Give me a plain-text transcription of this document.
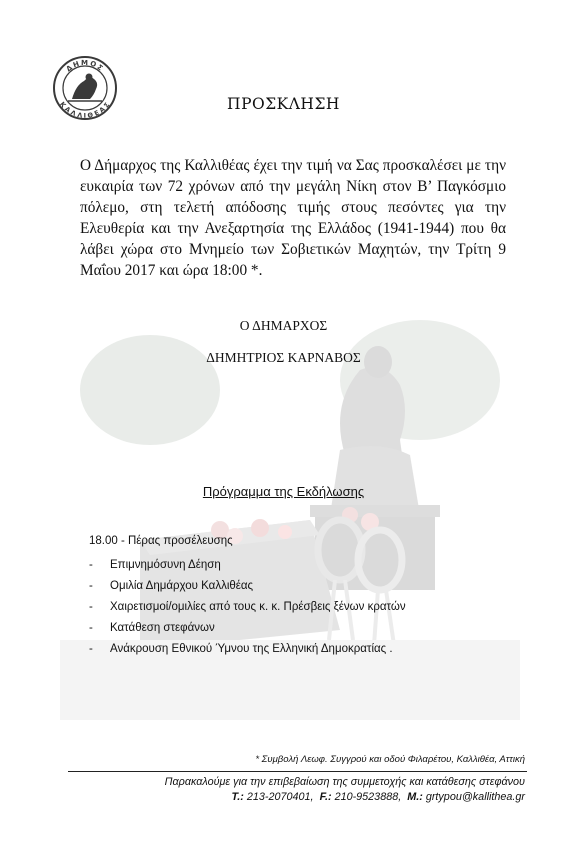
ΔΗΜΟΣ
ΚΑΛΛΙΘΕΑΣ	ΠΡΟΣΚΛΗΣΗ
Ο Δήμαρχος της Καλλιθέας έχει την τιμή να Σας προσκαλέσει με την ευκαιρία των 72 χρόνων από την μεγάλη Νίκη στον Β’ Παγκόσμιο πόλεμο, στη τελετή απόδοσης τιμής στους πεσόντες για την Ελευθερία και την Ανεξαρτησία της Ελλάδος (1941-1944) που θα λάβει χώρα στο Μνημείο των Σοβιετικών Μαχητών, την Τρίτη 9 Μαΐου 2017 και ώρα 18:00 *.
Ο ΔΗΜΑΡΧΟΣ
ΔΗΜΗΤΡΙΟΣ ΚΑΡΝΑΒΟΣ
Πρόγραμμα της Εκδήλωσης
18.00 - Πέρας προσέλευσης
- Επιμνημόσυνη Δέηση
- Ομιλία Δημάρχου Καλλιθέας
- Χαιρετισμοί/ομιλίες από τους κ. κ. Πρέσβεις ξένων κρατών
- Κατάθεση στεφάνων
- Ανάκρουση Εθνικού Ύμνου της Ελληνική Δημοκρατίας .
* Συμβολή Λεωφ. Συγγρού και οδού Φιλαρέτου, Καλλιθέα, Αττική
Παρακαλούμε για την επιβεβαίωση της συμμετοχής και κατάθεσης στεφάνου
Τ.: 213-2070401, F.: 210-9523888, Μ.: grtypou@kallithea.gr
